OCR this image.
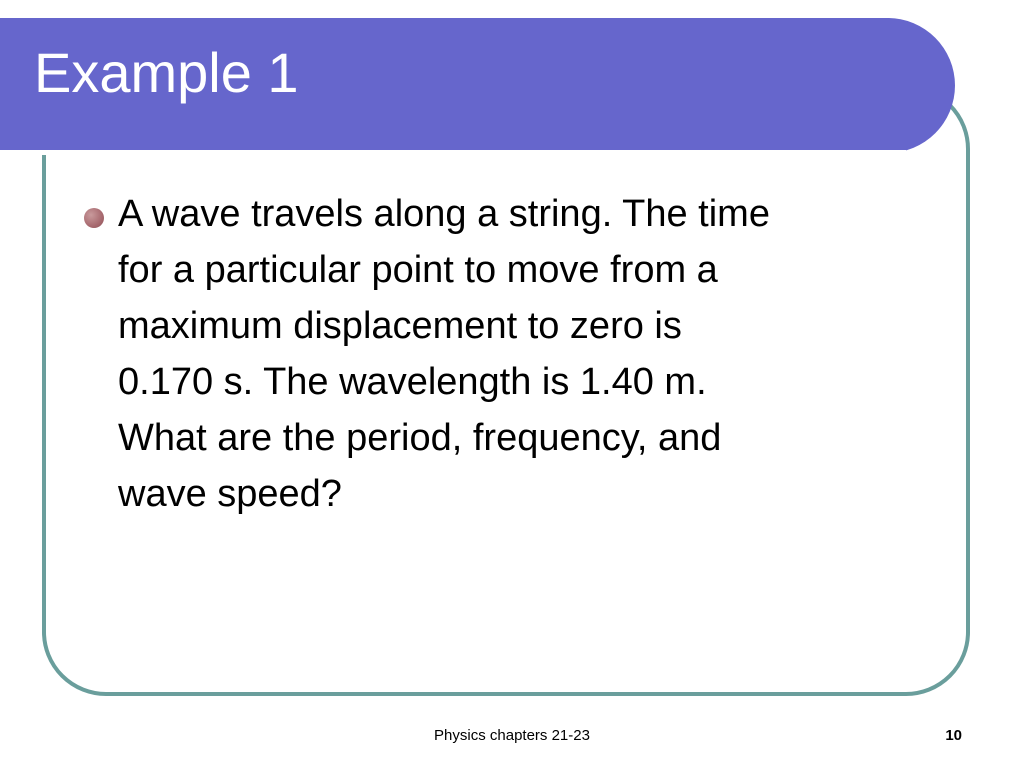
Example 1
A wave travels along a string. The time
for a particular point to move from a
maximum displacement to zero is
0.170 s. The wavelength is 1.40 m.
What are the period, frequency, and
wave speed?
Physics chapters 21-23	10
